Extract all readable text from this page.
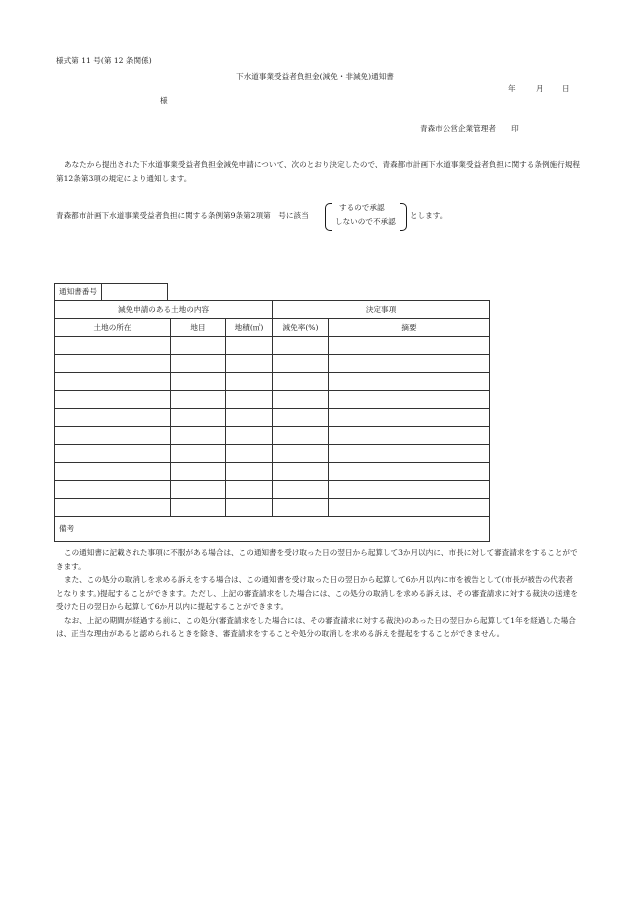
様式第 11 号(第 12 条関係)
下水道事業受益者負担金(減免・非減免)通知書
年	月 日
様
青森市公営企業管理者　　印
あなたから提出された下水道事業受益者負担金減免申請について、次のとおり決定したので、青森都市計画下水道事業受益者負担に関する条例施行規程第12条第3項の規定により通知します。
青森都市計画下水道事業受益者負担に関する条例第9条第2項第　号に該当
するので承認
しないので不承認
とします。
通知書番号
減免申請のある土地の内容			決定事項	
土地の所在	地目	地積(㎡)	減免率(%)	摘要

備考				

この通知書に記載された事項に不服がある場合は、この通知書を受け取った日の翌日から起算して3か月以内に、市長に対して審査請求をすることができます。

また、この処分の取消しを求める訴えをする場合は、この通知書を受け取った日の翌日から起算して6か月以内に市を被告として(市長が被告の代表者となります。)提起することができます。ただし、上記の審査請求をした場合には、この処分の取消しを求める訴えは、その審査請求に対する裁決の送達を受けた日の翌日から起算して6か月以内に提起することができます。

なお、上記の期間が経過する前に、この処分(審査請求をした場合には、その審査請求に対する裁決)のあった日の翌日から起算して1年を経過した場合は、正当な理由があると認められるときを除き、審査請求をすることや処分の取消しを求める訴えを提起をすることができません。
